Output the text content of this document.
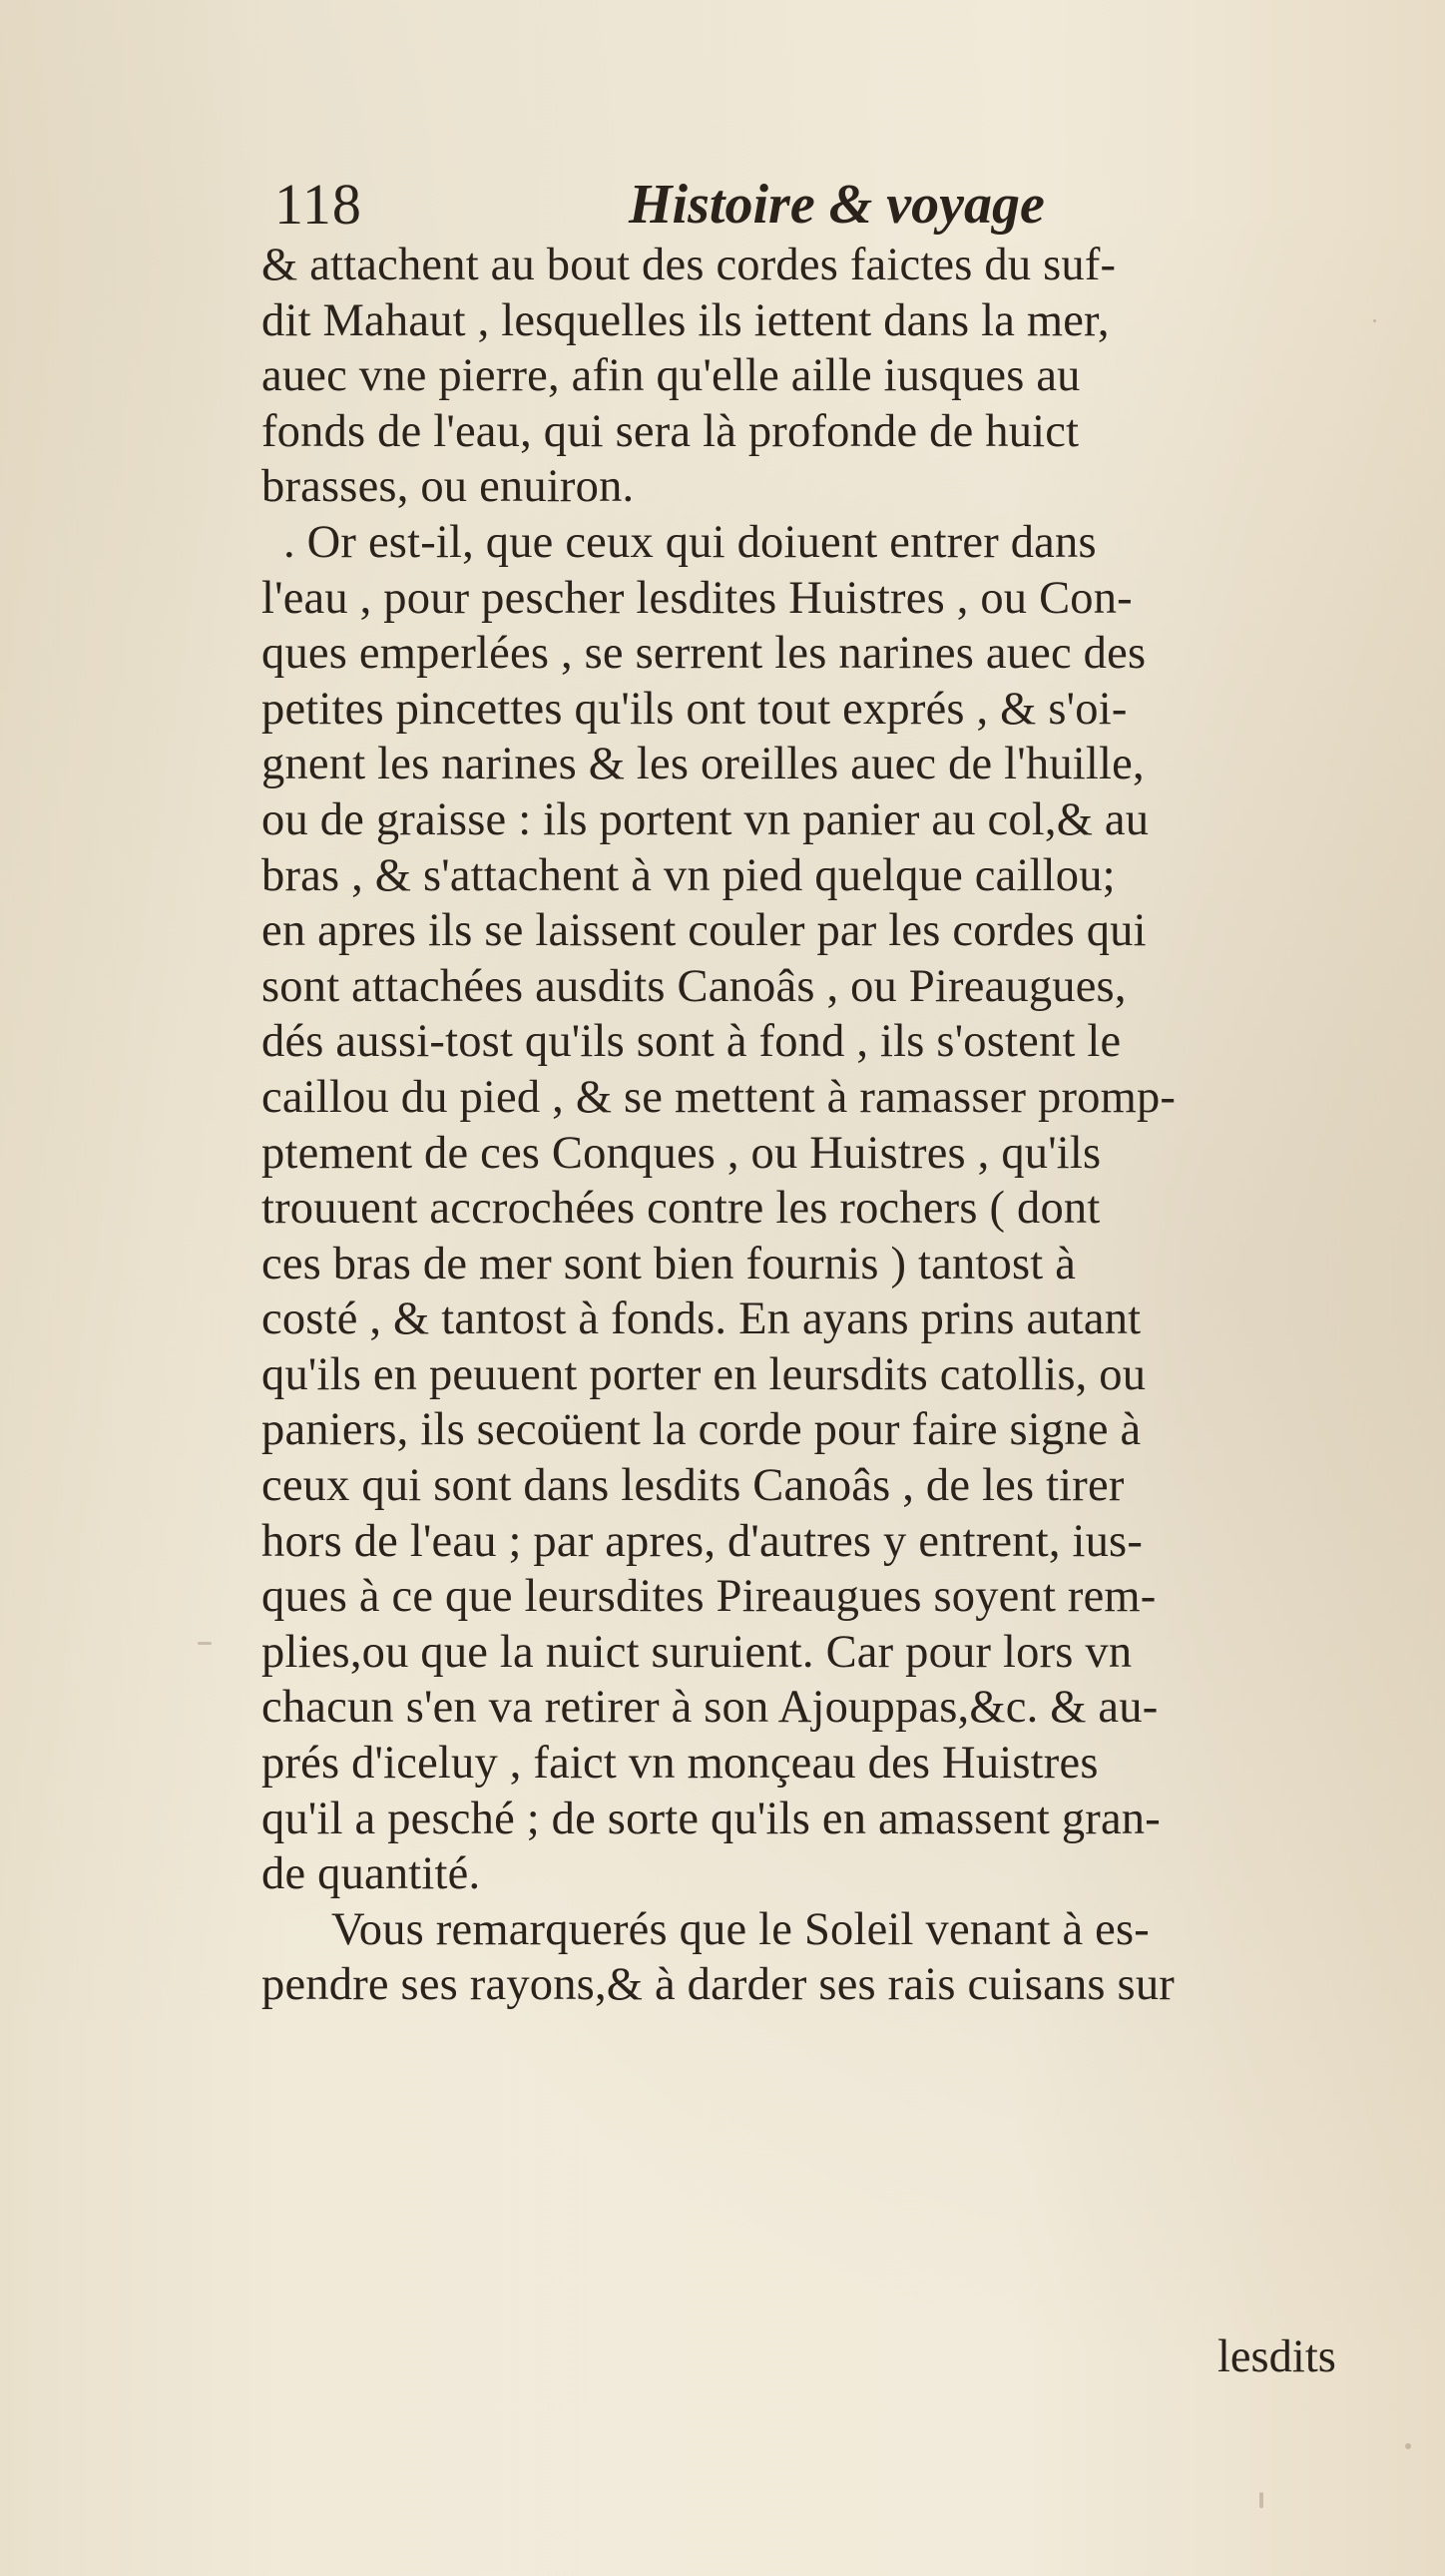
118	Histoire & voyage
& attachent au bout des cordes faictes du suf-
dit Mahaut , lesquelles ils iettent dans la mer,
auec vne pierre, afin qu'elle aille iusques au
fonds de l'eau, qui sera là profonde de huict
brasses, ou enuiron.
. Or est-il, que ceux qui doiuent entrer dans
l'eau , pour pescher lesdites Huistres , ou Con-
ques emperlées , se serrent les narines auec des
petites pincettes qu'ils ont tout exprés , & s'oi-
gnent les narines & les oreilles auec de l'huille,
ou de graisse : ils portent vn panier au col,& au
bras , & s'attachent à vn pied quelque caillou;
en apres ils se laissent couler par les cordes qui
sont attachées ausdits Canoâs , ou Pireaugues,
dés aussi-tost qu'ils sont à fond , ils s'ostent le
caillou du pied , & se mettent à ramasser promp-
ptement de ces Conques , ou Huistres , qu'ils
trouuent accrochées contre les rochers ( dont
ces bras de mer sont bien fournis ) tantost à
costé , & tantost à fonds. En ayans prins autant
qu'ils en peuuent porter en leursdits catollis, ou
paniers, ils secoüent la corde pour faire signe à
ceux qui sont dans lesdits Canoâs , de les tirer
hors de l'eau ; par apres, d'autres y entrent, ius-
ques à ce que leursdites Pireaugues soyent rem-
plies,ou que la nuict suruient. Car pour lors vn
chacun s'en va retirer à son Ajouppas,&c. & au-
prés d'iceluy , faict vn monçeau des Huistres
qu'il a pesché ; de sorte qu'ils en amassent gran-
de quantité.
Vous remarquerés que le Soleil venant à es-
pendre ses rayons,& à darder ses rais cuisans sur
lesdits
